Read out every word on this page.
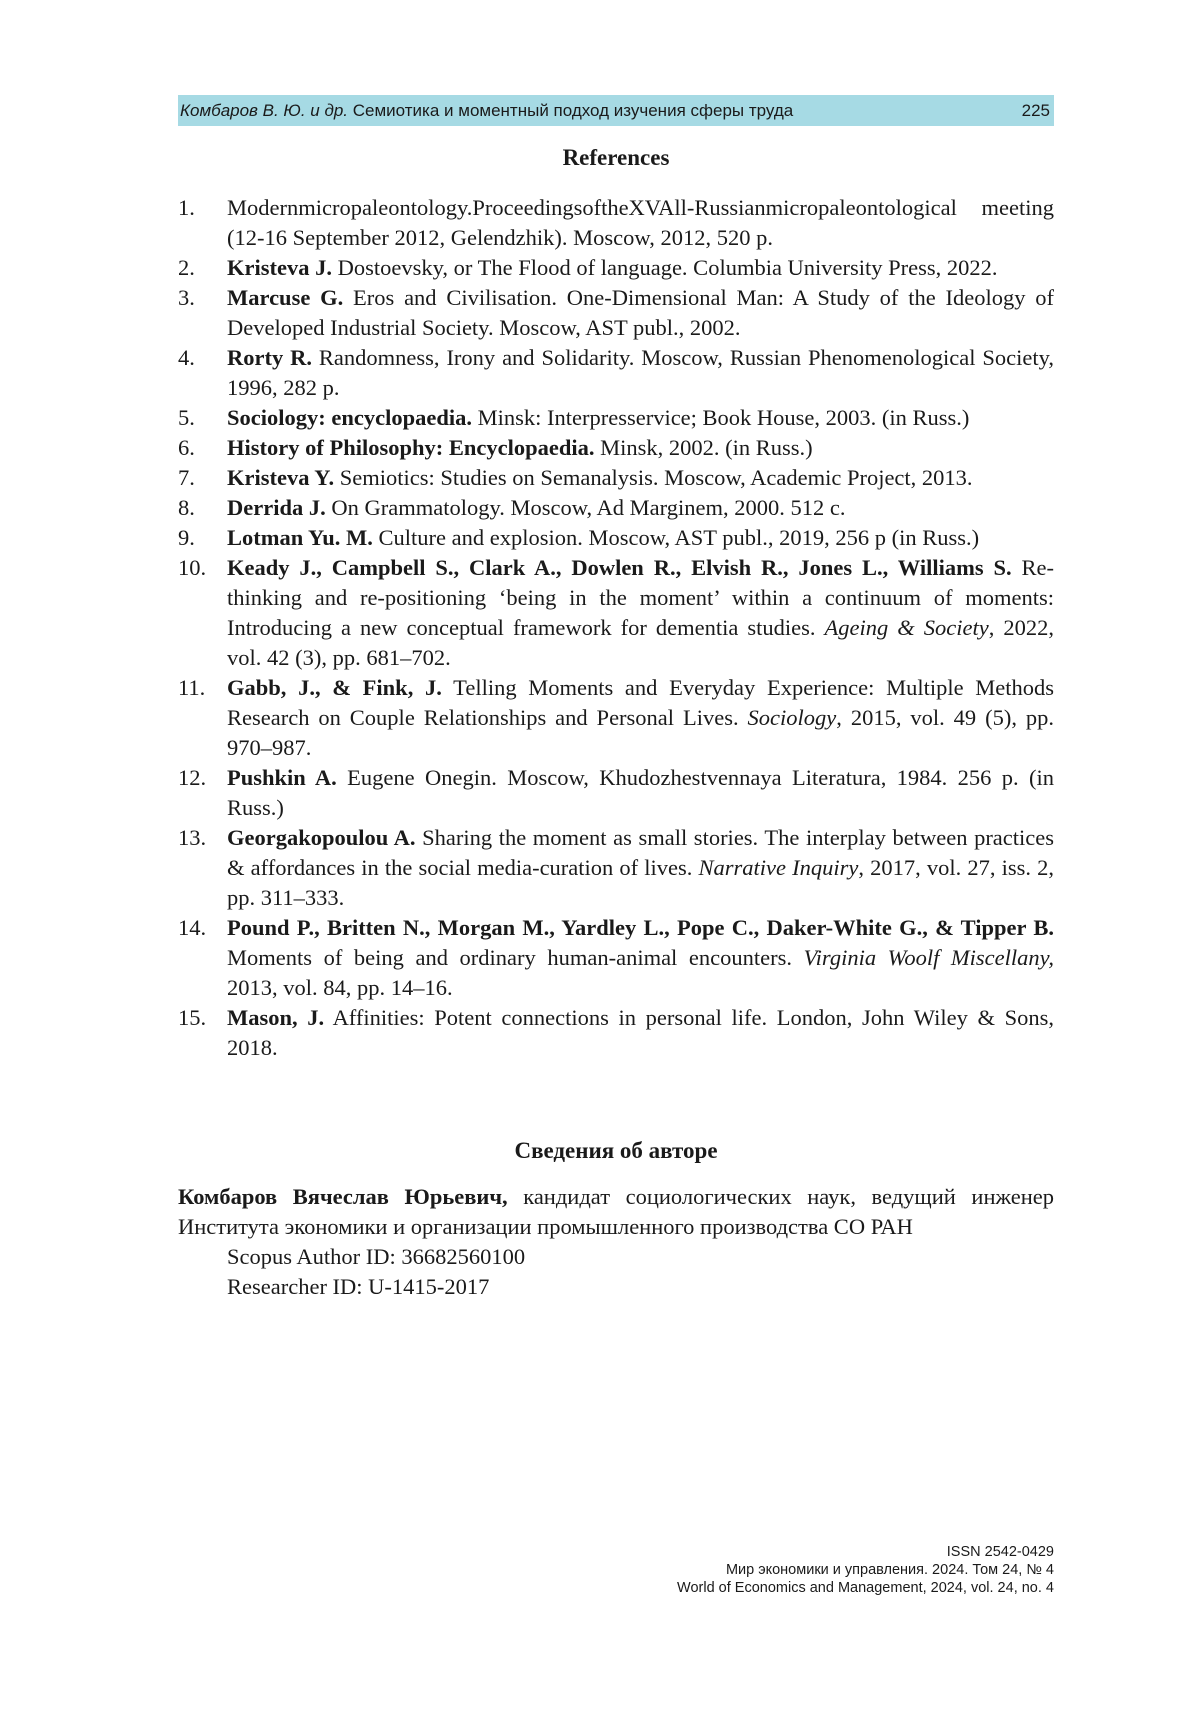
Комбаров В. Ю. и др. Семиотика и моментный подход изучения сферы труда	225
References
1. Modernmicropaleontology.ProceedingsoftheXVAll-Russianmicropaleontological meeting (12-16 September 2012, Gelendzhik). Moscow, 2012, 520 p.
2. Kristeva J. Dostoevsky, or The Flood of language. Columbia University Press, 2022.
3. Marcuse G. Eros and Civilisation. One-Dimensional Man: A Study of the Ideology of Developed Industrial Society. Moscow, AST publ., 2002.
4. Rorty R. Randomness, Irony and Solidarity. Moscow, Russian Phenomenological Society, 1996, 282 p.
5. Sociology: encyclopaedia. Minsk: Interpresservice; Book House, 2003. (in Russ.)
6. History of Philosophy: Encyclopaedia. Minsk, 2002. (in Russ.)
7. Kristeva Y. Semiotics: Studies on Semanalysis. Moscow, Academic Project, 2013.
8. Derrida J. On Grammatology. Moscow, Ad Marginem, 2000. 512 c.
9. Lotman Yu. M. Culture and explosion. Moscow, AST publ., 2019, 256 p (in Russ.)
10. Keady J., Campbell S., Clark A., Dowlen R., Elvish R., Jones L., Williams S. Re-thinking and re-positioning ‘being in the moment’ within a continuum of moments: Introducing a new conceptual framework for dementia studies. Ageing & Society, 2022, vol. 42 (3), pp. 681–702.
11. Gabb, J., & Fink, J. Telling Moments and Everyday Experience: Multiple Methods Research on Couple Relationships and Personal Lives. Sociology, 2015, vol. 49 (5), pp. 970–987.
12. Pushkin A. Eugene Onegin. Moscow, Khudozhestvennaya Literatura, 1984. 256 p. (in Russ.)
13. Georgakopoulou A. Sharing the moment as small stories. The interplay between practices & affordances in the social media-curation of lives. Narrative Inquiry, 2017, vol. 27, iss. 2, pp. 311–333.
14. Pound P., Britten N., Morgan M., Yardley L., Pope C., Daker-White G., & Tipper B. Moments of being and ordinary human-animal encounters. Virginia Woolf Miscellany, 2013, vol. 84, pp. 14–16.
15. Mason, J. Affinities: Potent connections in personal life. London, John Wiley & Sons, 2018.
Сведения об авторе
Комбаров Вячеслав Юрьевич, кандидат социологических наук, ведущий инженер Института экономики и организации промышленного производства СО РАН
Scopus Author ID: 36682560100
Researcher ID: U-1415-2017
ISSN 2542-0429
Мир экономики и управления. 2024. Том 24, № 4
World of Economics and Management, 2024, vol. 24, no. 4
